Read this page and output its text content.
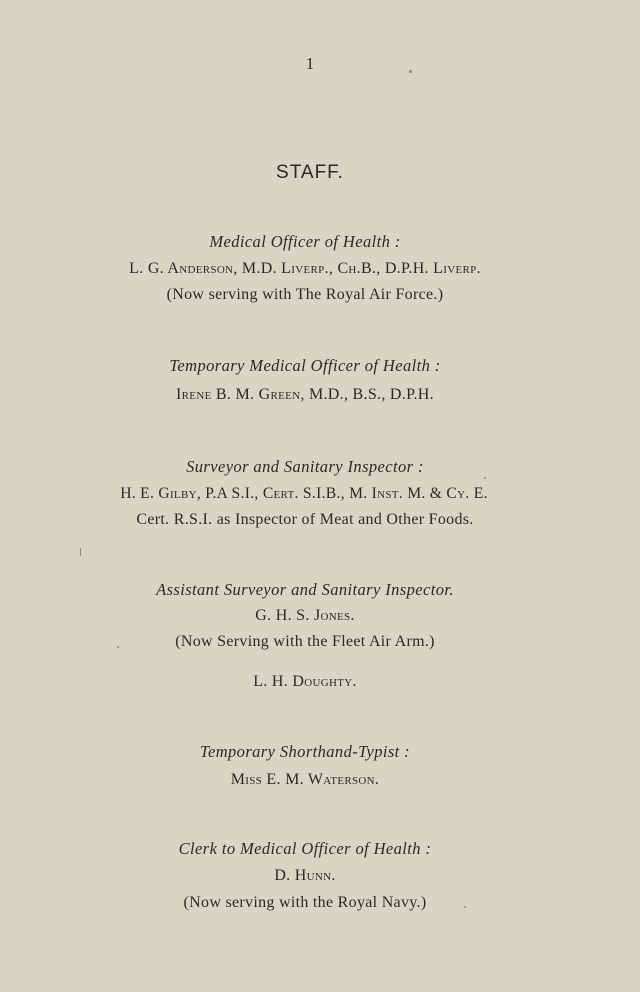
1
STAFF.
Medical Officer of Health :
L. G. Anderson, M.D. Liverp., Ch.B., D.P.H. Liverp.
(Now serving with The Royal Air Force.)
Temporary Medical Officer of Health :
Irene B. M. Green, M.D., B.S., D.P.H.
Surveyor and Sanitary Inspector :
H. E. Gilby, P.A S.I., Cert. S.I.B., M. Inst. M. & Cy. E.
Cert. R.S.I. as Inspector of Meat and Other Foods.
Assistant Surveyor and Sanitary Inspector.
G. H. S. Jones.
(Now Serving with the Fleet Air Arm.)
L. H. Doughty.
Temporary Shorthand-Typist :
Miss E. M. Waterson.
Clerk to Medical Officer of Health :
D. Hunn.
(Now serving with the Royal Navy.)
